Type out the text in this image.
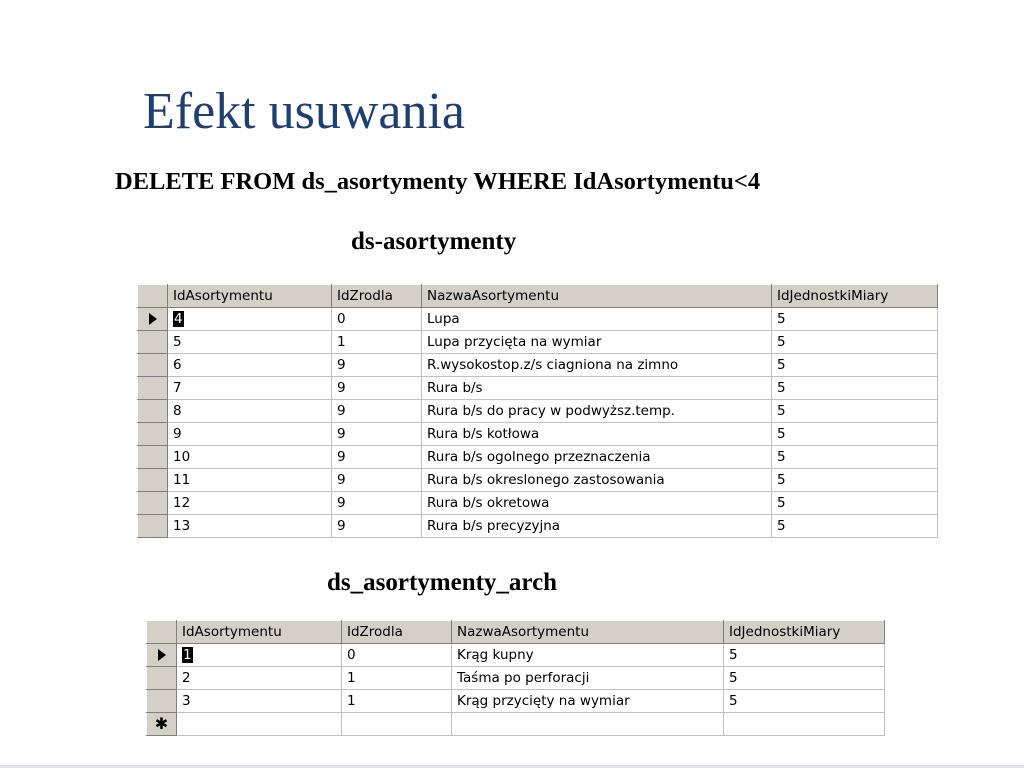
Efekt usuwania
DELETE FROM ds_asortymenty WHERE IdAsortymentu<4
ds-asortymenty
	IdAsortymentu	IdZrodla	NazwaAsortymentu	IdJednostkiMiary
	4	0	Lupa	5
	5	1	Lupa przycięta na wymiar	5
	6	9	R.wysokostop.z/s ciagniona na zimno	5
	7	9	Rura b/s	5
	8	9	Rura b/s do pracy w podwyższ.temp.	5
	9	9	Rura b/s kotłowa	5
	10	9	Rura b/s ogolnego przeznaczenia	5
	11	9	Rura b/s okreslonego zastosowania	5
	12	9	Rura b/s okretowa	5
	13	9	Rura b/s precyzyjna	5
ds_asortymenty_arch
	IdAsortymentu	IdZrodla	NazwaAsortymentu	IdJednostkiMiary
	1	0	Krąg kupny	5
	2	1	Taśma po perforacji	5
	3	1	Krąg przycięty na wymiar	5
✱				
